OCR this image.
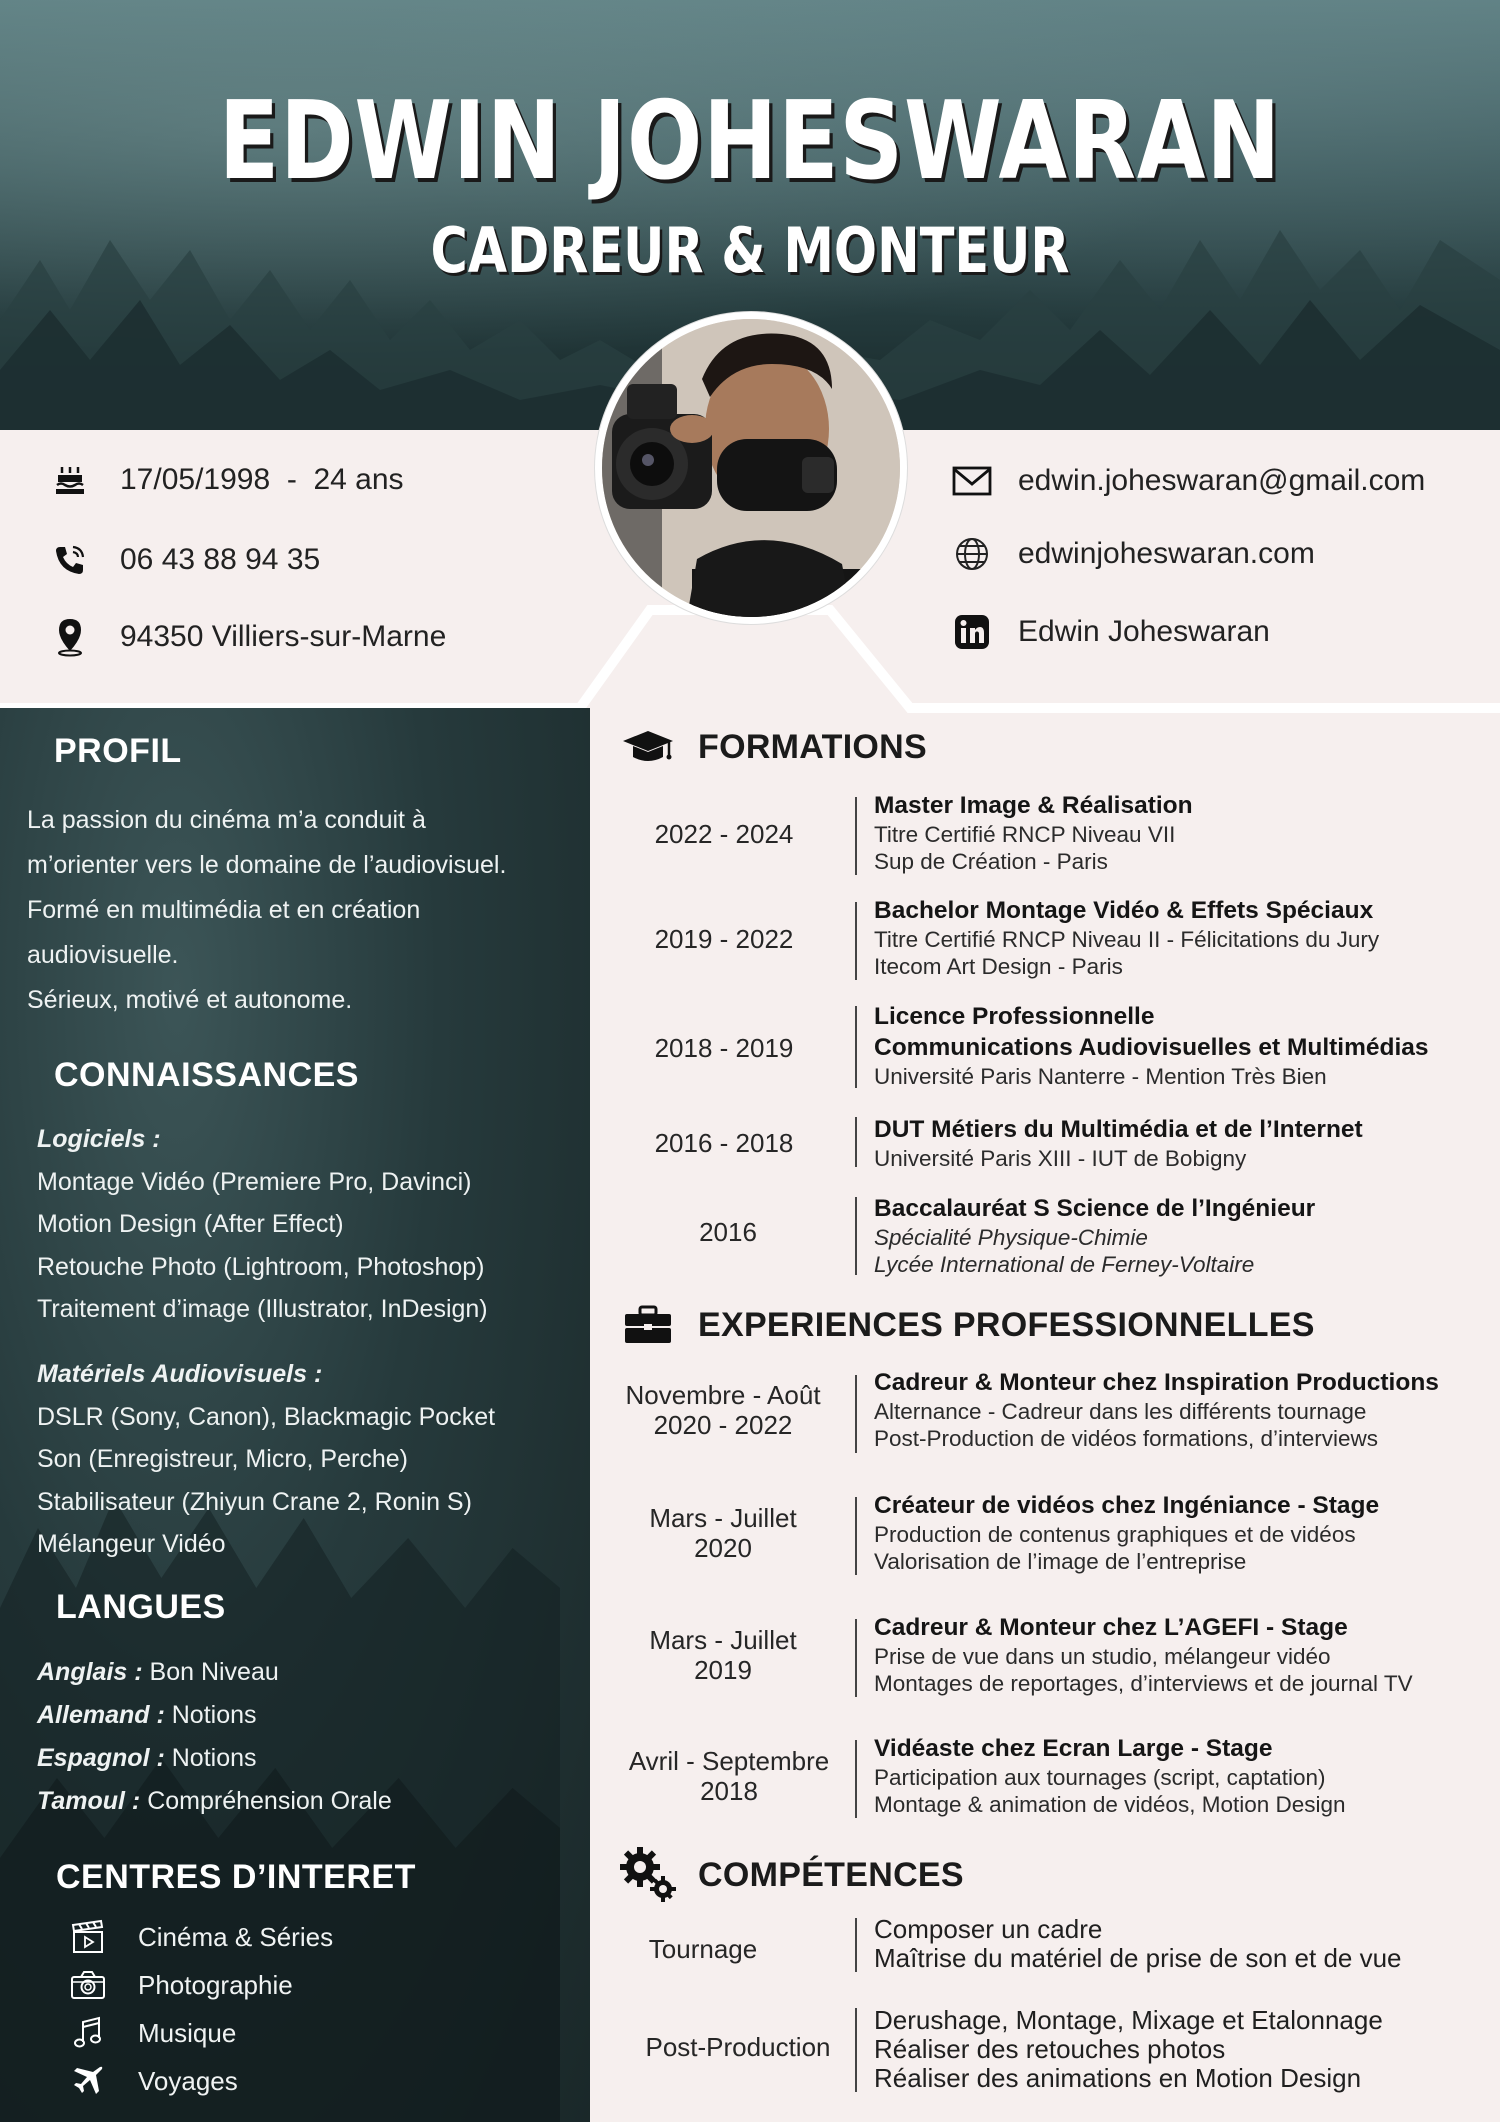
EDWIN JOHESWARAN
CADREUR & MONTEUR
17/05/1998  -  24 ans
06 43 88 94 35
94350 Villiers-sur-Marne
edwin.joheswaran@gmail.com
edwinjoheswaran.com
Edwin Joheswaran
PROFIL
La passion du cinéma m’a conduit à
m’orienter vers le domaine de l’audiovisuel.
Formé en multimédia et en création
audiovisuelle.
Sérieux, motivé et autonome.
CONNAISSANCES
Logiciels :
Montage Vidéo (Premiere Pro, Davinci)
Motion Design (After Effect)
Retouche Photo (Lightroom, Photoshop)
Traitement d’image (Illustrator, InDesign)
Matériels Audiovisuels :
DSLR (Sony, Canon), Blackmagic Pocket
Son (Enregistreur, Micro, Perche)
Stabilisateur (Zhiyun Crane 2, Ronin S)
Mélangeur Vidéo
LANGUES
Anglais : Bon Niveau
Allemand : Notions
Espagnol : Notions
Tamoul : Compréhension Orale
CENTRES D’INTERET
Cinéma & Séries
Photographie
Musique
Voyages
FORMATIONS
2022 - 2024
Master Image & Réalisation
Titre Certifié RNCP Niveau VII
Sup de Création - Paris
2019 - 2022
Bachelor Montage Vidéo & Effets Spéciaux
Titre Certifié RNCP Niveau II - Félicitations du Jury
Itecom Art Design - Paris
2018 - 2019
Licence Professionnelle
Communications Audiovisuelles et Multimédias
Université Paris Nanterre - Mention Très Bien
2016 - 2018	DUT Métiers du Multimédia et de l’Internet
Université Paris XIII - IUT de Bobigny
2016
Baccalauréat S Science de l’Ingénieur
Spécialité Physique-Chimie
Lycée International de Ferney-Voltaire
EXPERIENCES PROFESSIONNELLES
Novembre - Août
2020 - 2022
Cadreur & Monteur chez Inspiration Productions
Alternance - Cadreur dans les différents tournage
Post-Production de vidéos formations, d’interviews
Mars - Juillet
2020
Créateur de vidéos chez Ingéniance - Stage
Production de contenus graphiques et de vidéos
Valorisation de l’image de l’entreprise
Mars - Juillet
2019
Cadreur & Monteur chez L’AGEFI - Stage
Prise de vue dans un studio, mélangeur vidéo
Montages de reportages, d’interviews et de journal TV
Avril - Septembre
2018
Vidéaste chez Ecran Large - Stage
Participation aux tournages (script, captation)
Montage & animation de vidéos, Motion Design
COMPÉTENCES
Tournage
Composer un cadre
Maîtrise du matériel de prise de son et de vue
Post-Production
Derushage, Montage, Mixage et Etalonnage
Réaliser des retouches photos
Réaliser des animations en Motion Design
